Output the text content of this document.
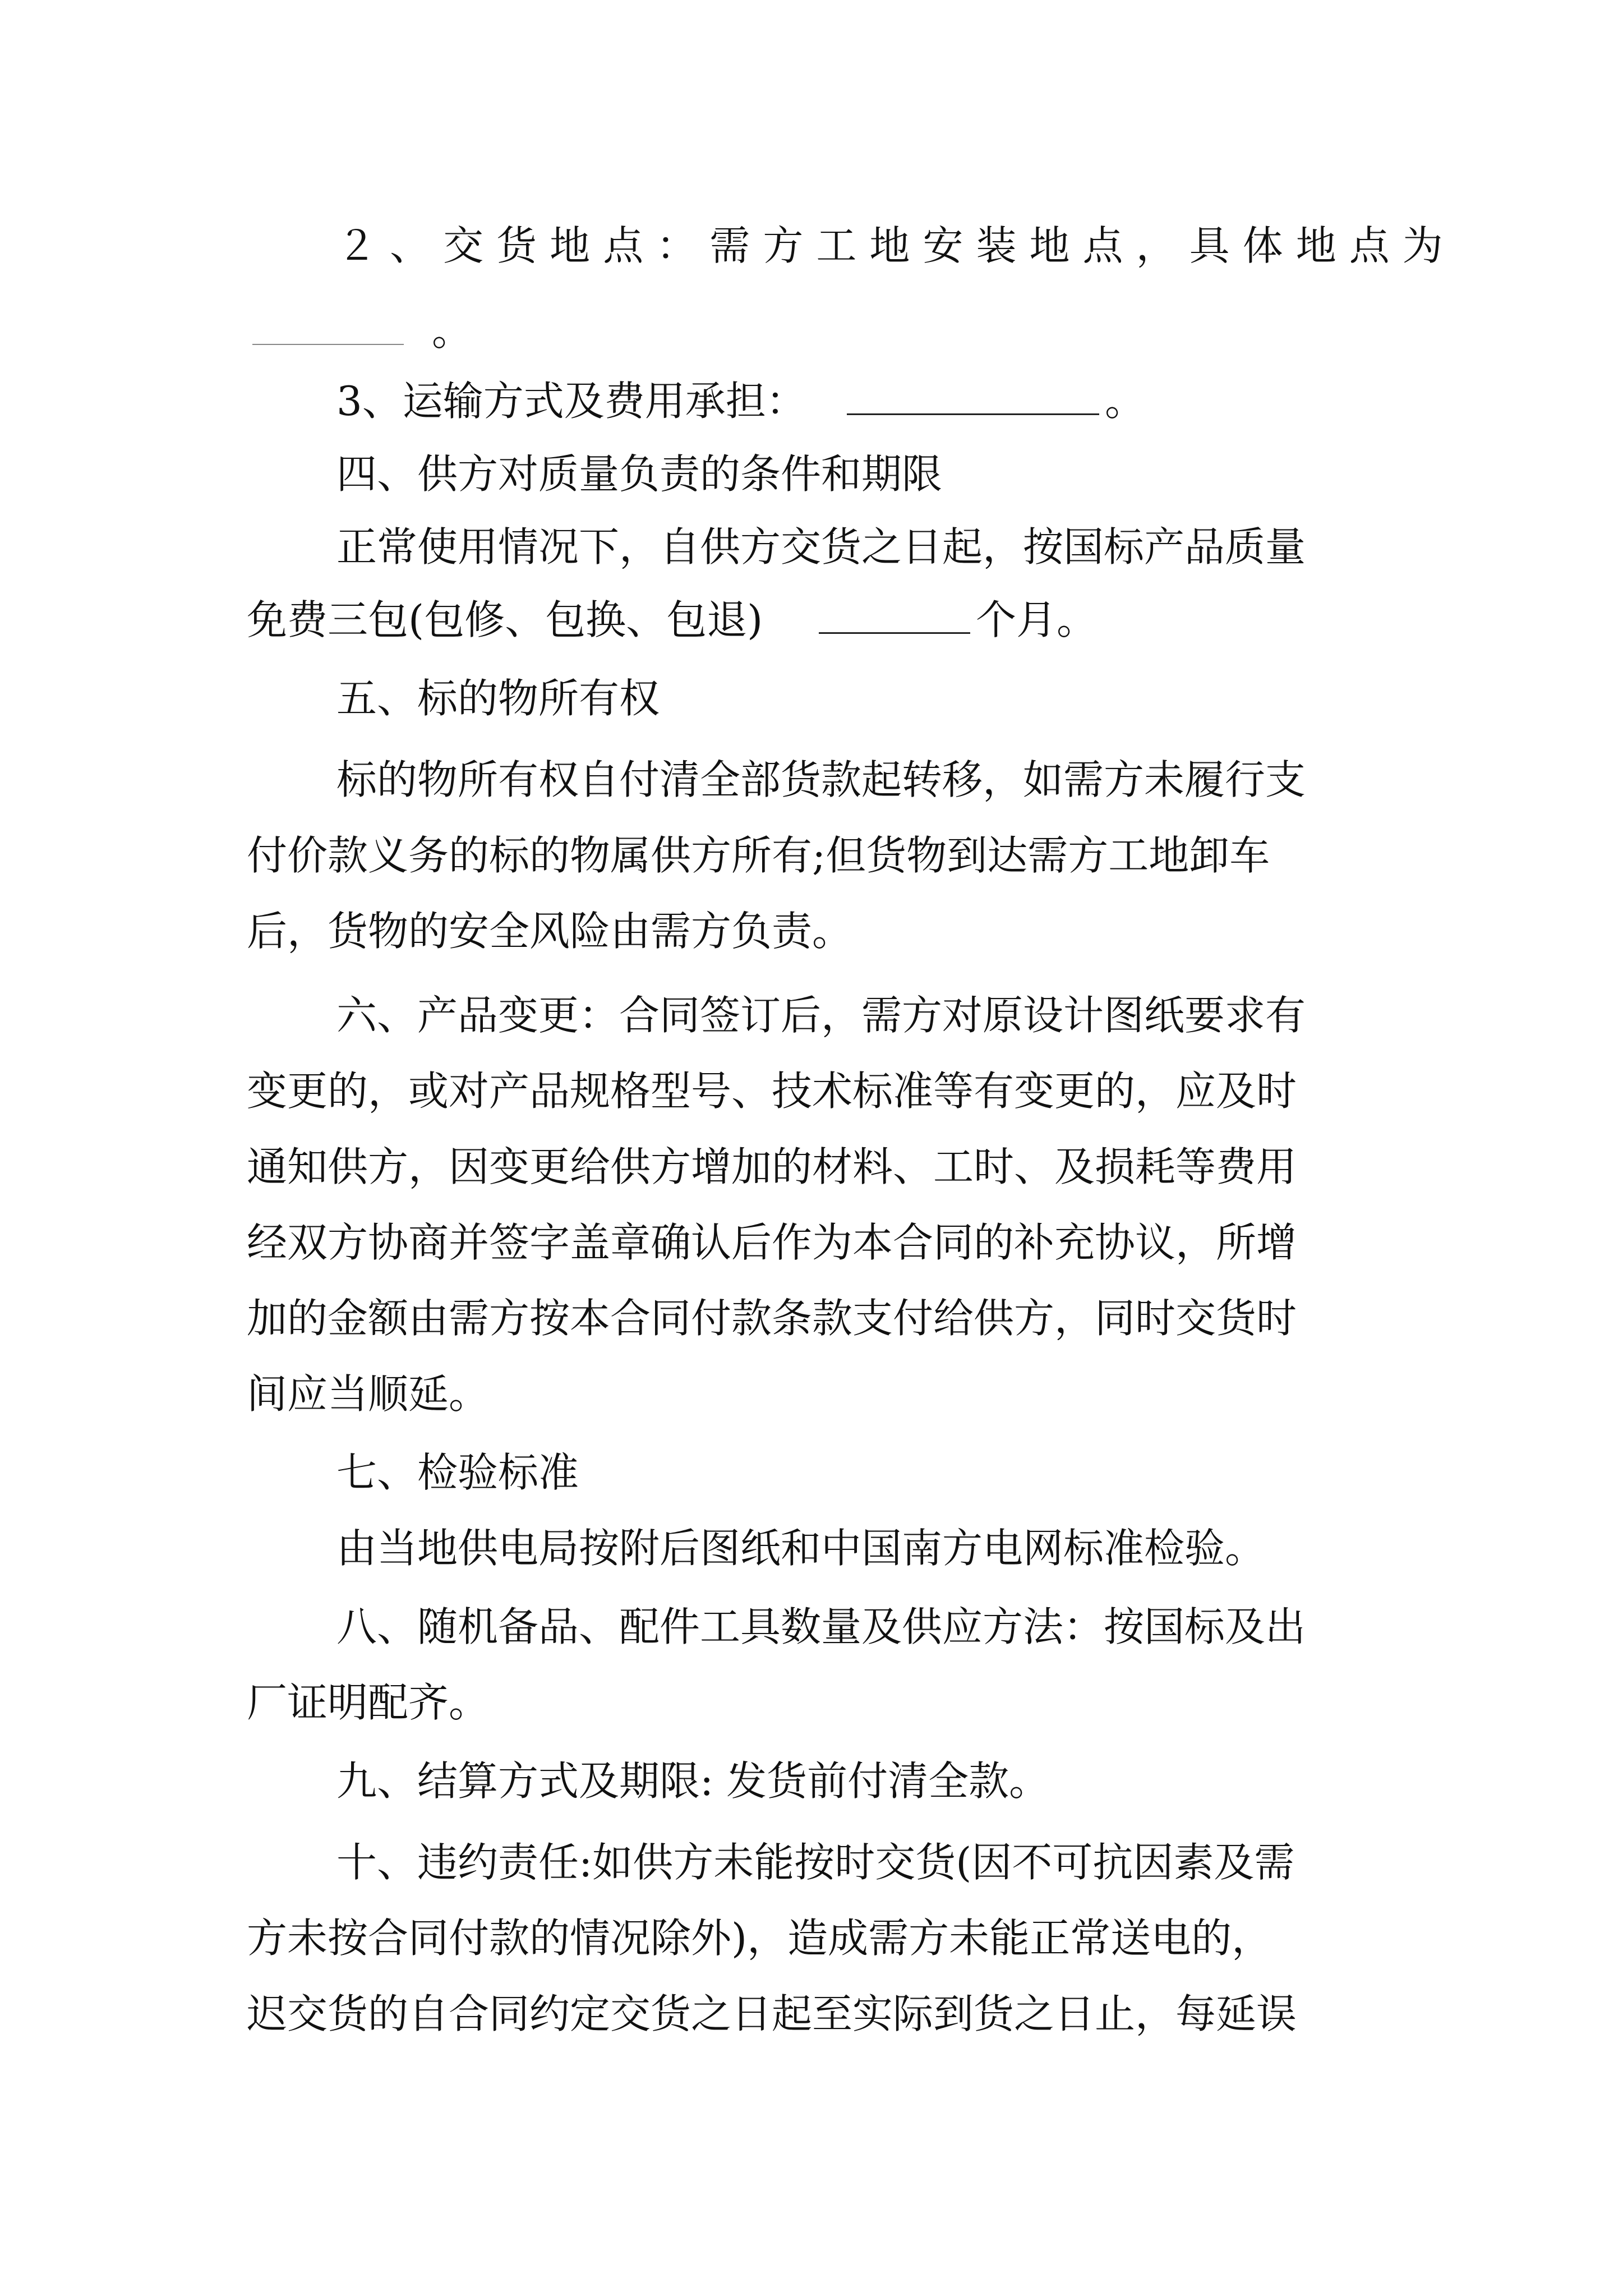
２、交货地点：需方工地安装地点，具体地点为
。
3、运输方式及费用承担：	。
四、供方对质量负责的条件和期限
正常使用情况下，自供方交货之日起，按国标产品质量
免费三包(包修、包换、包退)	个月。
五、标的物所有权
标的物所有权自付清全部货款起转移，如需方未履行支
付价款义务的标的物属供方所有;但货物到达需方工地卸车
后，货物的安全风险由需方负责。
六、产品变更：合同签订后，需方对原设计图纸要求有
变更的，或对产品规格型号、技术标准等有变更的，应及时
通知供方，因变更给供方增加的材料、工时、及损耗等费用
经双方协商并签字盖章确认后作为本合同的补充协议，所增
加的金额由需方按本合同付款条款支付给供方，同时交货时
间应当顺延。
七、检验标准
由当地供电局按附后图纸和中国南方电网标准检验。
八、随机备品、配件工具数量及供应方法：按国标及出
厂证明配齐。
九、结算方式及期限: 发货前付清全款。
十、违约责任:如供方未能按时交货(因不可抗因素及需
方未按合同付款的情况除外)，造成需方未能正常送电的，
迟交货的自合同约定交货之日起至实际到货之日止，每延误
